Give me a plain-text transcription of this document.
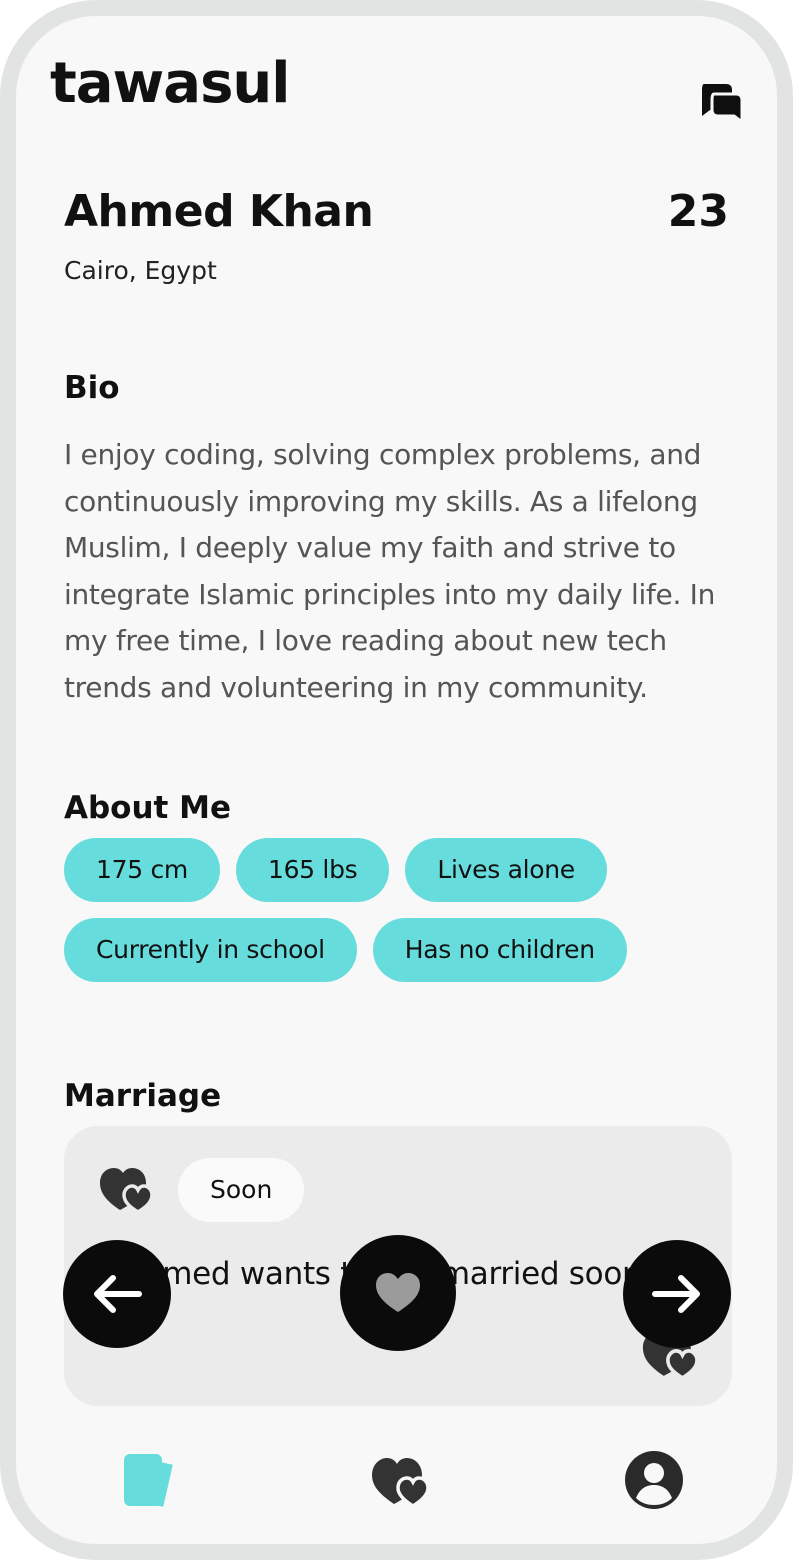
tawasul
Ahmed Khan	23
Cairo, Egypt
Bio

I enjoy coding, solving complex problems, and continuously improving my skills. As a lifelong Muslim, I deeply value my faith and strive to integrate Islamic principles into my daily life. In my free time, I love reading about new tech trends and volunteering in my community.

About Me
175 cm	165 lbs	Lives alone
Currently in school	Has no children
Marriage
Soon
Ahmed wants married soon
